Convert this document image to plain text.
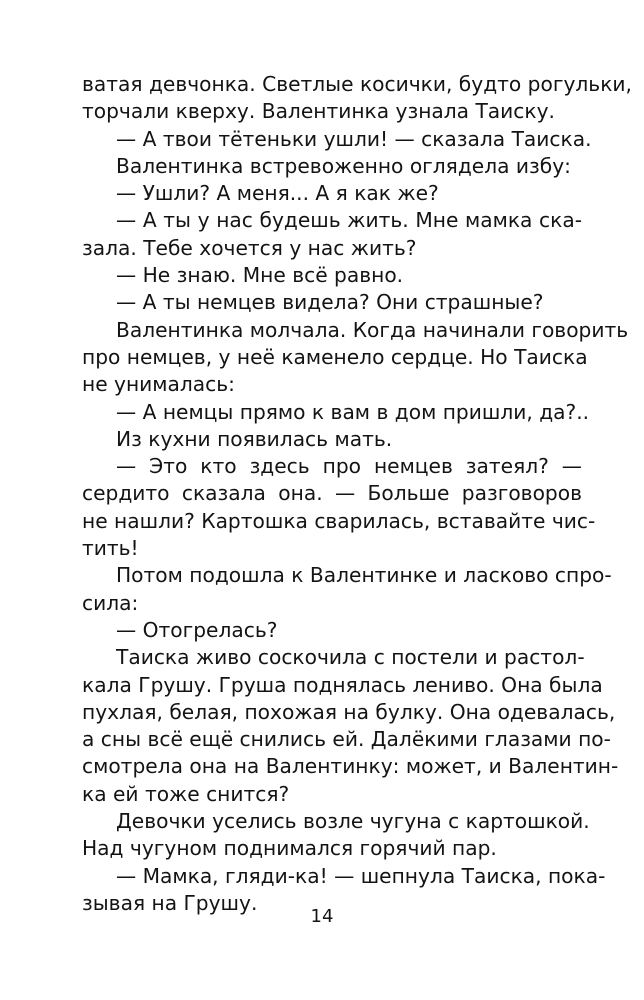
ватая девчонка. Светлые косички, будто рогульки,
торчали кверху. Валентинка узнала Таиску.
— А твои тётеньки ушли! — сказала Таиска.
Валентинка встревоженно оглядела избу:
— Ушли? А меня... А я как же?
— А ты у нас будешь жить. Мне мамка ска-
зала. Тебе хочется у нас жить?
— Не знаю. Мне всё равно.
— А ты немцев видела? Они страшные?
Валентинка молчала. Когда начинали говорить
про немцев, у неё каменело сердце. Но Таиска
не унималась:
— А немцы прямо к вам в дом пришли, да?..
Из кухни появилась мать.
— Это кто здесь про немцев затеял? —
сердито сказала она. — Больше разговоров
не нашли? Картошка сварилась, вставайте чис-
тить!
Потом подошла к Валентинке и ласково спро-
сила:
— Отогрелась?
Таиска живо соскочила с постели и растол-
кала Грушу. Груша поднялась лениво. Она была
пухлая, белая, похожая на булку. Она одевалась,
а сны всё ещё снились ей. Далёкими глазами по-
смотрела она на Валентинку: может, и Валентин-
ка ей тоже снится?
Девочки уселись возле чугуна с картошкой.
Над чугуном поднимался горячий пар.
— Мамка, гляди-ка! — шепнула Таиска, пока-
зывая на Грушу.
14
